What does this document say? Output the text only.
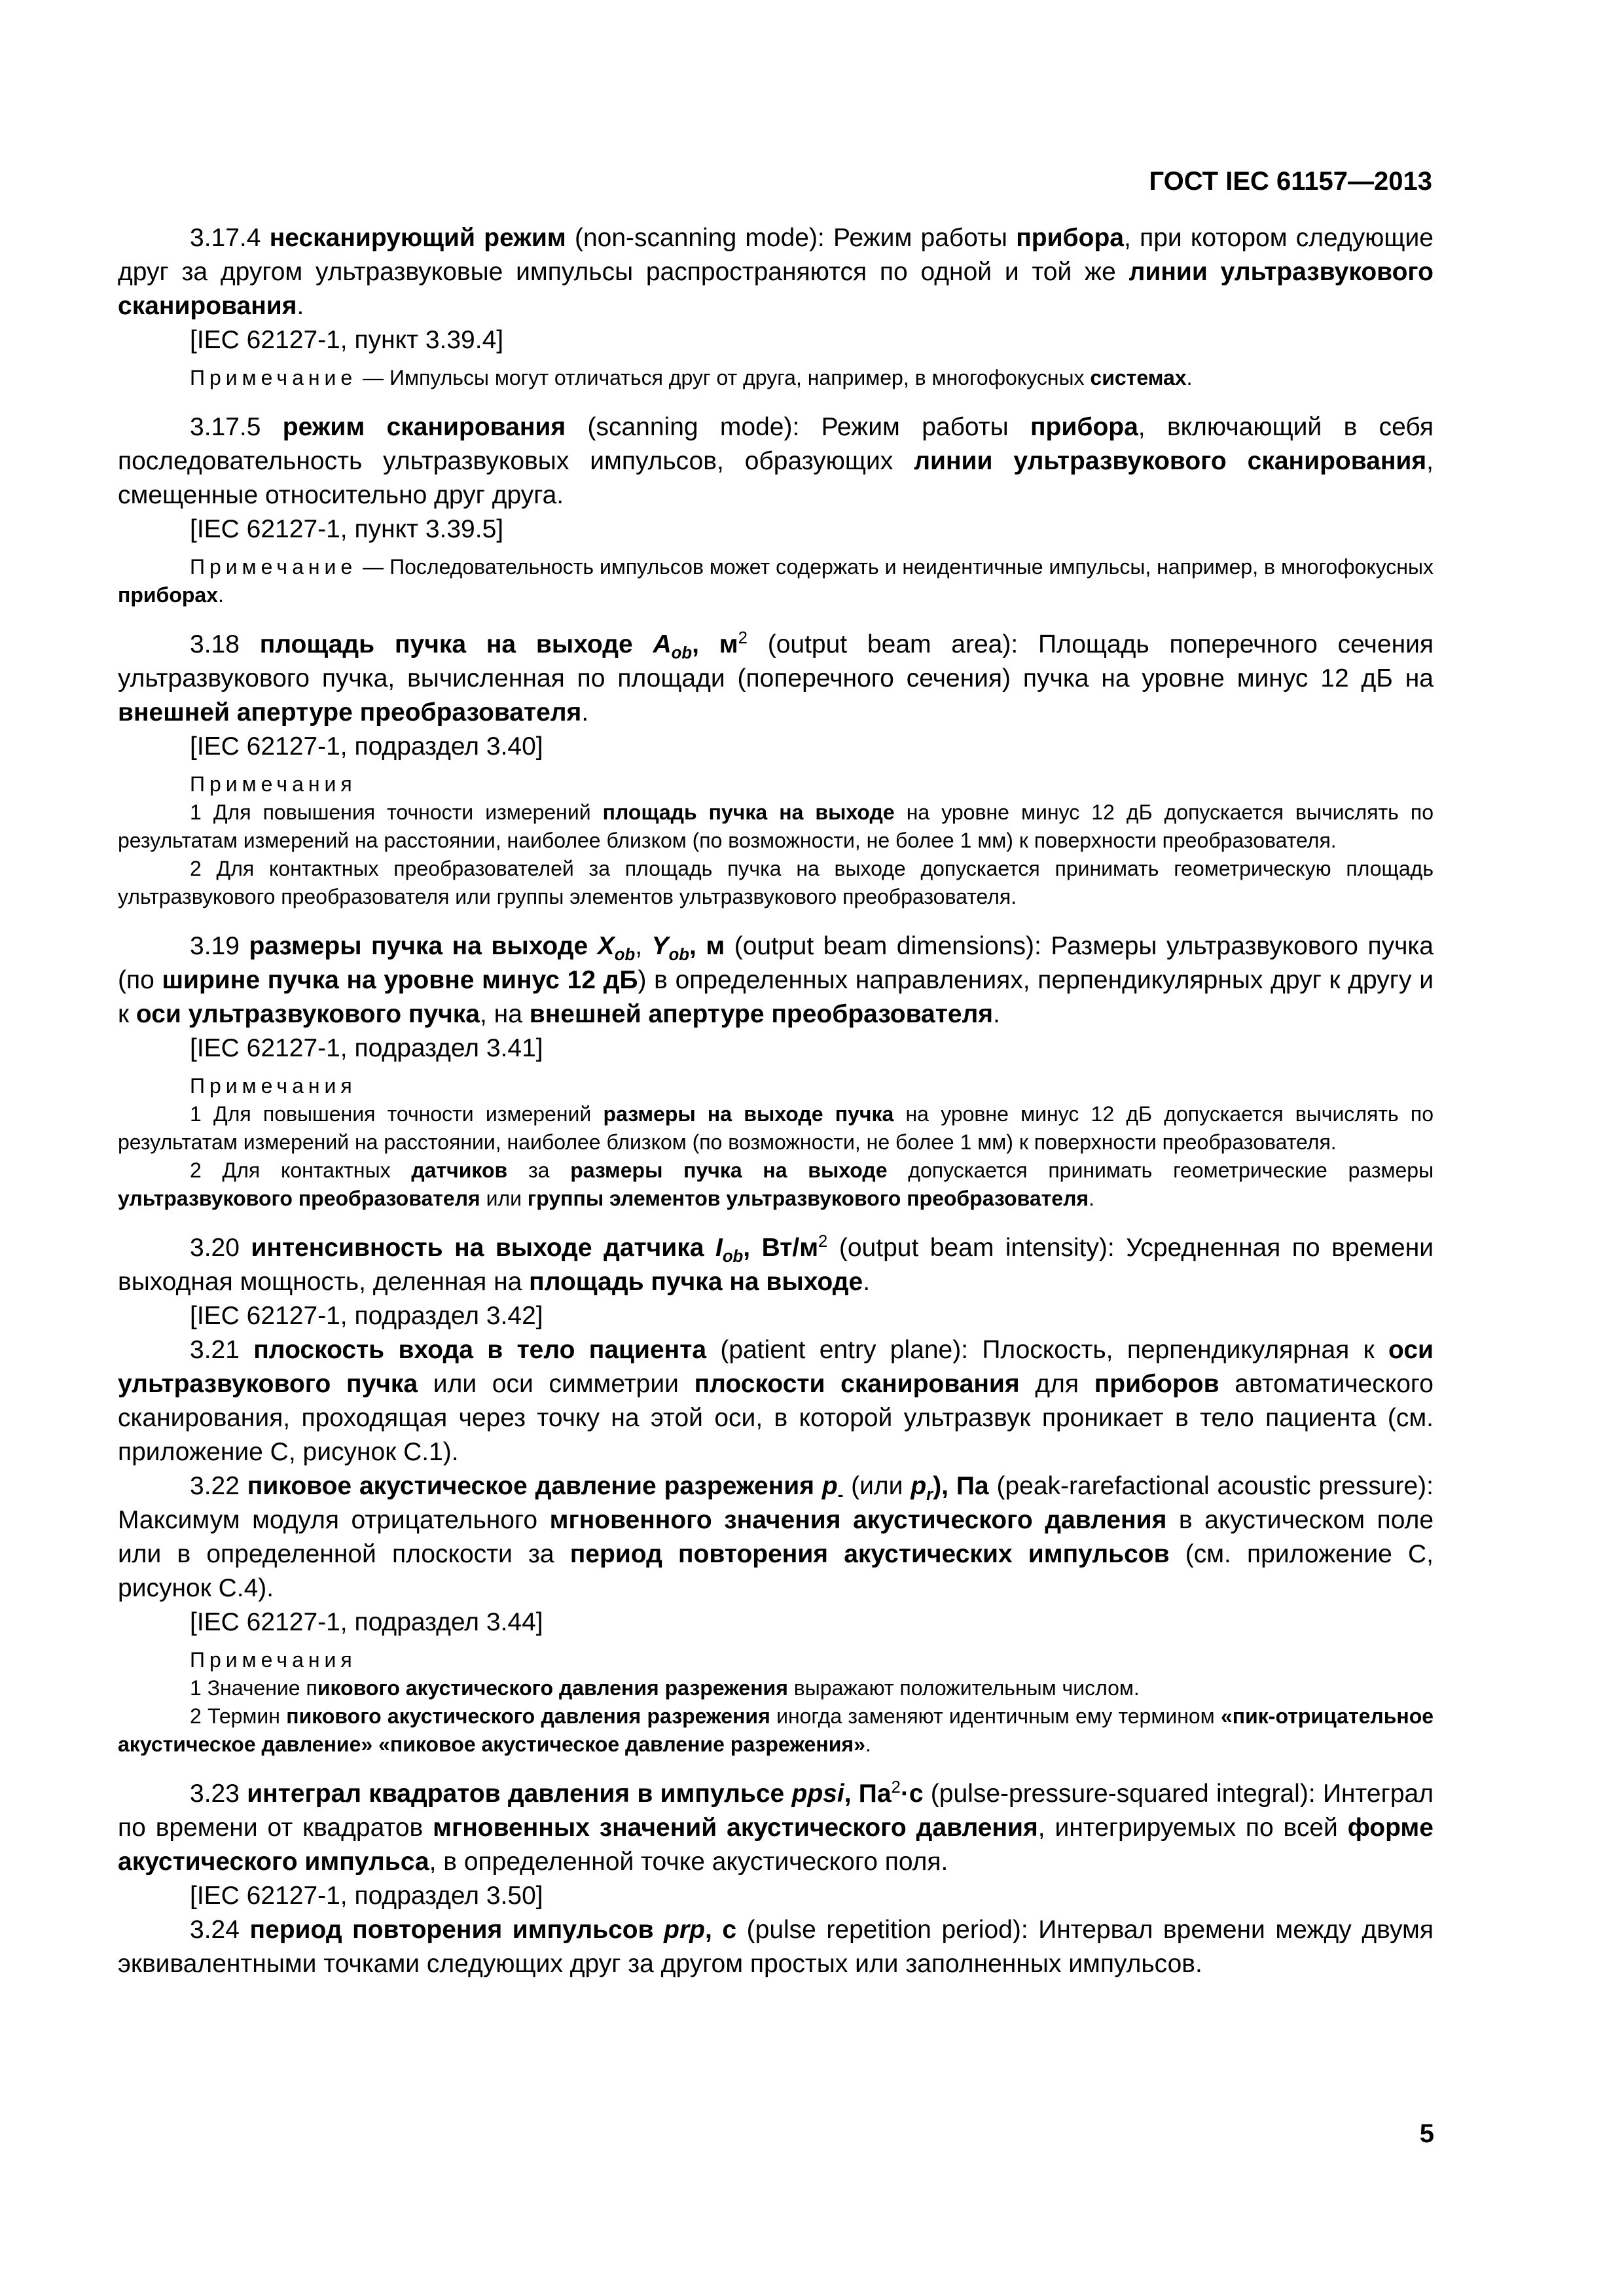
ГОСТ IEC 61157—2013

3.17.4 несканирующий режим (non-scanning mode): Режим работы прибора, при котором следующие друг за другом ультразвуковые импульсы распространяются по одной и той же линии ультразвукового сканирования.

[IEC 62127-1, пункт 3.39.4]

Примечание — Импульсы могут отличаться друг от друга, например, в многофокусных системах.

3.17.5 режим сканирования (scanning mode): Режим работы прибора, включающий в себя последовательность ультразвуковых импульсов, образующих линии ультразвукового сканирования, смещенные относительно друг друга.

[IEC 62127-1, пункт 3.39.5]

Примечание — Последовательность импульсов может содержать и неидентичные импульсы, например, в многофокусных приборах.

3.18 площадь пучка на выходе $A_{ob}$, $м^2$ (output beam area): Площадь поперечного сечения ультразвукового пучка, вычисленная по площади (поперечного сечения) пучка на уровне минус 12 дБ на внешней апертуре преобразователя.

[IEC 62127-1, подраздел 3.40]

Примечания

1 Для повышения точности измерений площадь пучка на выходе на уровне минус 12 дБ допускается вычислять по результатам измерений на расстоянии, наиболее близком (по возможности, не более 1 мм) к поверхности преобразователя.

2 Для контактных преобразователей за площадь пучка на выходе допускается принимать геометрическую площадь ультразвукового преобразователя или группы элементов ультразвукового преобразователя.

3.19 размеры пучка на выходе $X_{ob}$, $Y_{ob}$, м (output beam dimensions): Размеры ультразвукового пучка (по ширине пучка на уровне минус 12 дБ) в определенных направлениях, перпендикулярных друг к другу и к оси ультразвукового пучка, на внешней апертуре преобразователя.

[IEC 62127-1, подраздел 3.41]

Примечания

1 Для повышения точности измерений размеры на выходе пучка на уровне минус 12 дБ допускается вычислять по результатам измерений на расстоянии, наиболее близком (по возможности, не более 1 мм) к поверхности преобразователя.

2 Для контактных датчиков за размеры пучка на выходе допускается принимать геометрические размеры ультразвукового преобразователя или группы элементов ультразвукового преобразователя.

3.20 интенсивность на выходе датчика $I_{ob}$, $Вт/м^2$ (output beam intensity): Усредненная по времени выходная мощность, деленная на площадь пучка на выходе.

[IEC 62127-1, подраздел 3.42]

3.21 плоскость входа в тело пациента (patient entry plane): Плоскость, перпендикулярная к оси ультразвукового пучка или оси симметрии плоскости сканирования для приборов автоматического сканирования, проходящая через точку на этой оси, в которой ультразвук проникает в тело пациента (см. приложение С, рисунок С.1).

3.22 пиковое акустическое давление разрежения $p_-$ (или $p_r$), Па (peak-rarefactional acoustic pressure): Максимум модуля отрицательного мгновенного значения акустического давления в акустическом поле или в определенной плоскости за период повторения акустических импульсов (см. приложение С, рисунок С.4).

[IEC 62127-1, подраздел 3.44]

Примечания

1 Значение пикового акустического давления разрежения выражают положительным числом.

2 Термин пикового акустического давления разрежения иногда заменяют идентичным ему термином «пик-отрицательное акустическое давление» «пиковое акустическое давление разрежения».

3.23 интеграл квадратов давления в импульсе ppsi, $Па^2\cdot с$ (pulse-pressure-squared integral): Интеграл по времени от квадратов мгновенных значений акустического давления, интегрируемых по всей форме акустического импульса, в определенной точке акустического поля.

[IEC 62127-1, подраздел 3.50]

3.24 период повторения импульсов prp, с (pulse repetition period): Интервал времени между двумя эквивалентными точками следующих друг за другом простых или заполненных импульсов.

5
